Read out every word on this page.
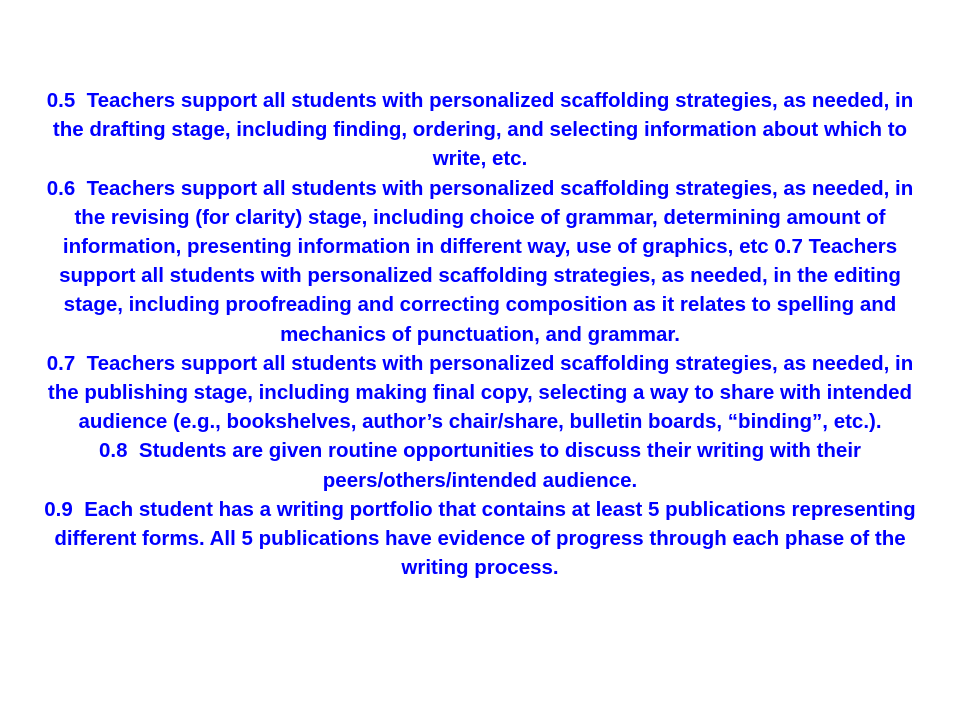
0.5 Teachers support all students with personalized scaffolding strategies, as needed, in the drafting stage, including finding, ordering, and selecting information about which to write, etc.

0.6 Teachers support all students with personalized scaffolding strategies, as needed, in the revising (for clarity) stage, including choice of grammar, determining amount of information, presenting information in different way, use of graphics, etc 0.7 Teachers support all students with personalized scaffolding strategies, as needed, in the editing stage, including proofreading and correcting composition as it relates to spelling and mechanics of punctuation, and grammar.

0.7 Teachers support all students with personalized scaffolding strategies, as needed, in the publishing stage, including making final copy, selecting a way to share with intended audience (e.g., bookshelves, author’s chair/share, bulletin boards, “binding”, etc.).

0.8 Students are given routine opportunities to discuss their writing with their peers/others/intended audience.

0.9 Each student has a writing portfolio that contains at least 5 publications representing different forms. All 5 publications have evidence of progress through each phase of the writing process.
